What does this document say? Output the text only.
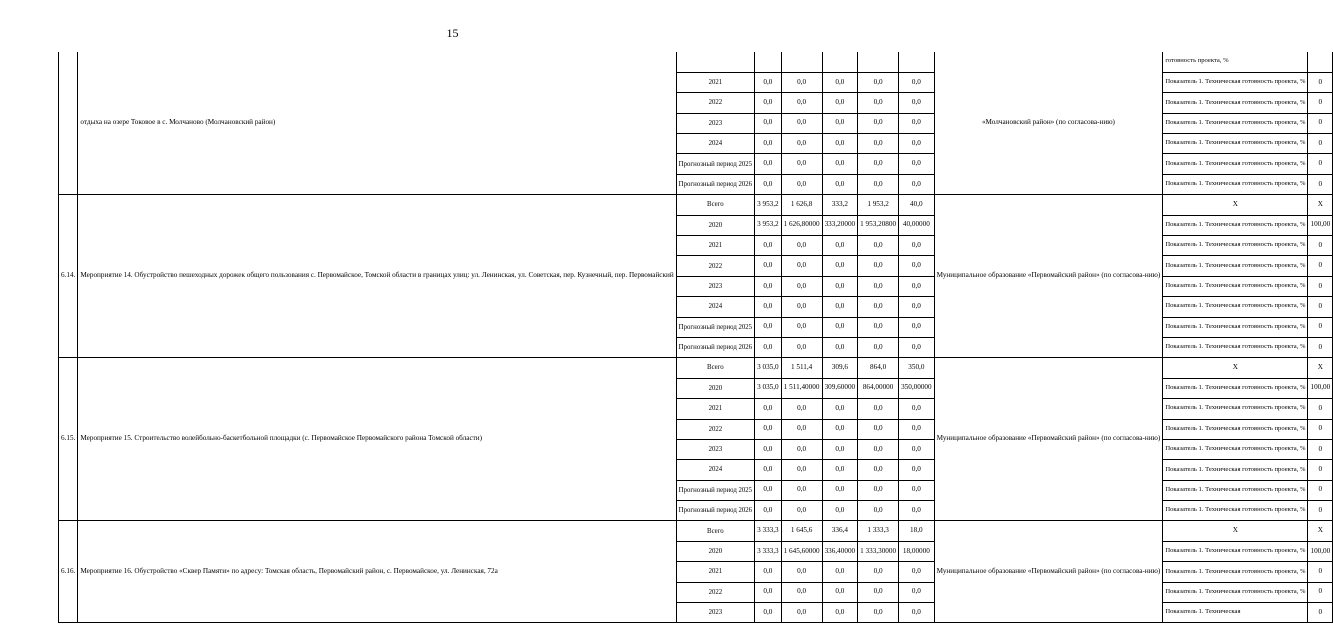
15
	отдыха на озере Токовое в с. Молчаново (Молчановский район)							«Молчановский район» (по согласова-нию)	готовность проекта, %	
		2021	0,0	0,0	0,0	0,0	0,0		Показатель 1. Техническая готовность проекта, %	0
		2022	0,0	0,0	0,0	0,0	0,0		Показатель 1. Техническая готовность проекта, %	0
		2023	0,0	0,0	0,0	0,0	0,0		Показатель 1. Техническая готовность проекта, %	0
		2024	0,0	0,0	0,0	0,0	0,0		Показатель 1. Техническая готовность проекта, %	0
		Прогнозный период 2025	0,0	0,0	0,0	0,0	0,0		Показатель 1. Техническая готовность проекта, %	0
		Прогнозный период 2026	0,0	0,0	0,0	0,0	0,0		Показатель 1. Техническая готовность проекта, %	0
6.14.	Мероприятие 14. Обустройство пешеходных дорожек общего пользования с. Первомайское, Томской области в границах улиц: ул. Ленинская, ул. Советская, пер. Кузнечный, пер. Первомайский	Всего	3 953,2	1 626,8	333,2	1 953,2	40,0	Муниципальное образование «Первомайский район» (по согласова-нию)	X	X
		2020	3 953,2	1 626,80000	333,20000	1 953,20800	40,00000		Показатель 1. Техническая готовность проекта, %	100,00
		2021	0,0	0,0	0,0	0,0	0,0		Показатель 1. Техническая готовность проекта, %	0
		2022	0,0	0,0	0,0	0,0	0,0		Показатель 1. Техническая готовность проекта, %	0
		2023	0,0	0,0	0,0	0,0	0,0		Показатель 1. Техническая готовность проекта, %	0
		2024	0,0	0,0	0,0	0,0	0,0		Показатель 1. Техническая готовность проекта, %	0
		Прогнозный период 2025	0,0	0,0	0,0	0,0	0,0		Показатель 1. Техническая готовность проекта, %	0
		Прогнозный период 2026	0,0	0,0	0,0	0,0	0,0		Показатель 1. Техническая готовность проекта, %	0
6.15.	Мероприятие 15. Строительство волейбольно-баскетбольной площадки (с. Первомайское Первомайского района Томской области)	Всего	3 035,0	1 511,4	309,6	864,0	350,0	Муниципальное образование «Первомайский район» (по согласова-нию)	X	X
		2020	3 035,0	1 511,40000	309,60000	864,00000	350,00000		Показатель 1. Техническая готовность проекта, %	100,00
		2021	0,0	0,0	0,0	0,0	0,0		Показатель 1. Техническая готовность проекта, %	0
		2022	0,0	0,0	0,0	0,0	0,0		Показатель 1. Техническая готовность проекта, %	0
		2023	0,0	0,0	0,0	0,0	0,0		Показатель 1. Техническая готовность проекта, %	0
		2024	0,0	0,0	0,0	0,0	0,0		Показатель 1. Техническая готовность проекта, %	0
		Прогнозный период 2025	0,0	0,0	0,0	0,0	0,0		Показатель 1. Техническая готовность проекта, %	0
		Прогнозный период 2026	0,0	0,0	0,0	0,0	0,0		Показатель 1. Техническая готовность проекта, %	0
6.16.	Мероприятие 16. Обустройство «Сквер Памяти» по адресу: Томская область, Первомайский район, с. Первомайское, ул. Ленинская, 72а	Всего	3 333,3	1 645,6	336,4	1 333,3	18,0	Муниципальное образование «Первомайский район» (по согласова-нию)	X	X
		2020	3 333,3	1 645,60000	336,40000	1 333,30000	18,00000		Показатель 1. Техническая готовность проекта, %	100,00
		2021	0,0	0,0	0,0	0,0	0,0		Показатель 1. Техническая готовность проекта, %	0
		2022	0,0	0,0	0,0	0,0	0,0		Показатель 1. Техническая готовность проекта, %	0
		2023	0,0	0,0	0,0	0,0	0,0		Показатель 1. Техническая	0
